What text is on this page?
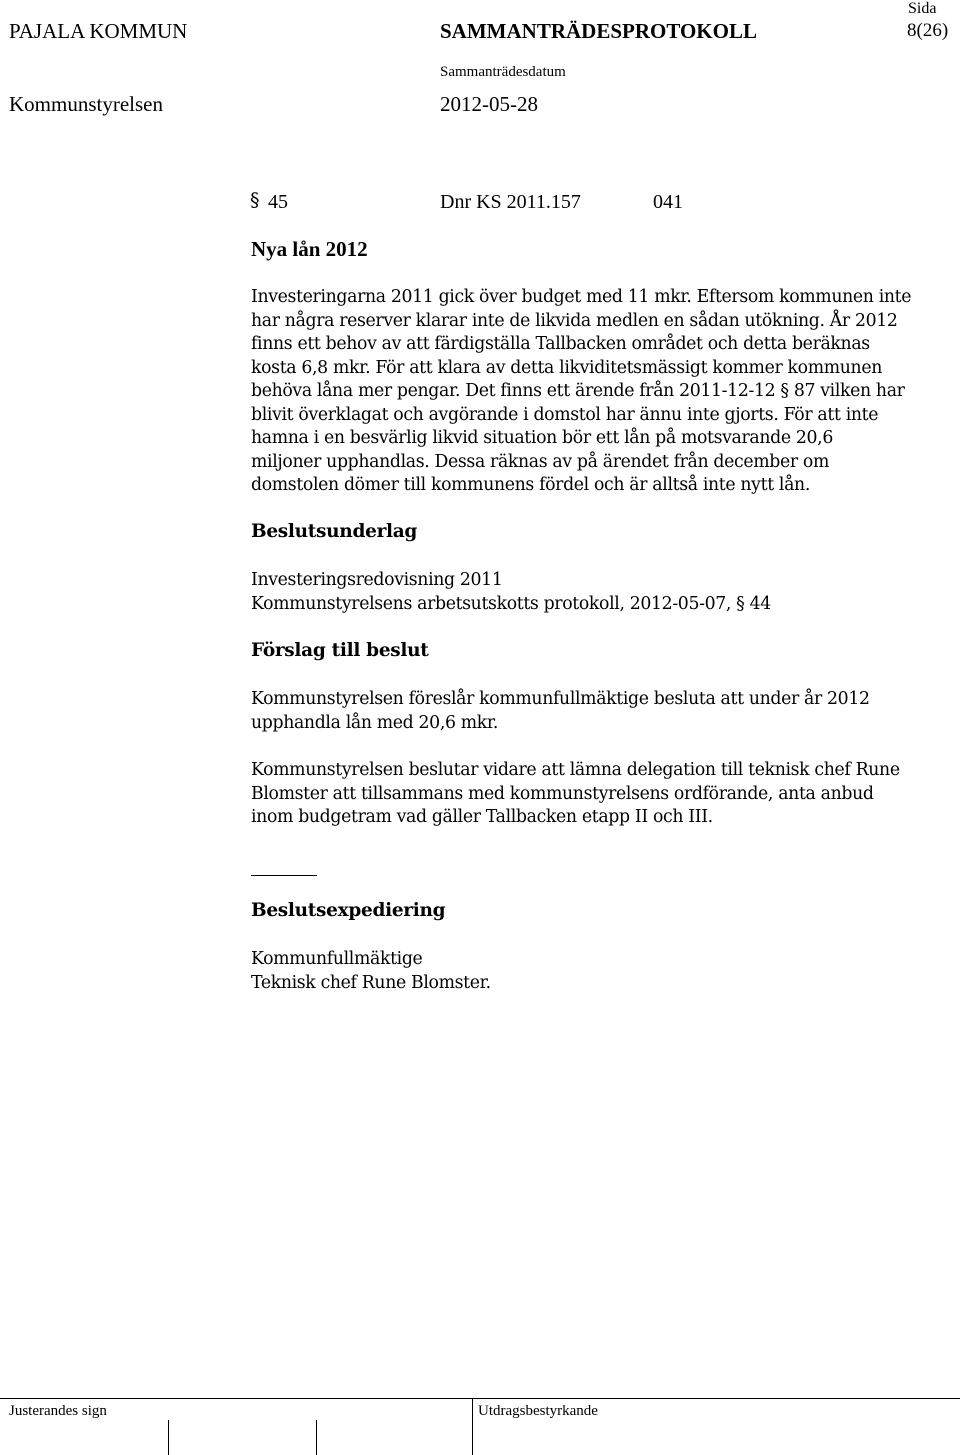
PAJALA KOMMUN	SAMMANTRÄDESPROTOKOLL
Sida
8(26)
Sammanträdesdatum
Kommunstyrelsen	2012-05-28
§ 45	Dnr KS 2011.157	041
Nya lån 2012
Investeringarna 2011 gick över budget med 11 mkr. Eftersom kommunen inte
har några reserver klarar inte de likvida medlen en sådan utökning. År 2012
finns ett behov av att färdigställa Tallbacken området och detta beräknas
kosta 6,8 mkr. För att klara av detta likviditetsmässigt kommer kommunen
behöva låna mer pengar. Det finns ett ärende från 2011-12-12 § 87 vilken har
blivit överklagat och avgörande i domstol har ännu inte gjorts. För att inte
hamna i en besvärlig likvid situation bör ett lån på motsvarande 20,6
miljoner upphandlas. Dessa räknas av på ärendet från december om
domstolen dömer till kommunens fördel och är alltså inte nytt lån.
Beslutsunderlag
Investeringsredovisning 2011
Kommunstyrelsens arbetsutskotts protokoll, 2012-05-07, § 44
Förslag till beslut
Kommunstyrelsen föreslår kommunfullmäktige besluta att under år 2012
upphandla lån med 20,6 mkr.
Kommunstyrelsen beslutar vidare att lämna delegation till teknisk chef Rune
Blomster att tillsammans med kommunstyrelsens ordförande, anta anbud
inom budgetram vad gäller Tallbacken etapp II och III.
Beslutsexpediering
Kommunfullmäktige
Teknisk chef Rune Blomster.
Justerandes sign	Utdragsbestyrkande
